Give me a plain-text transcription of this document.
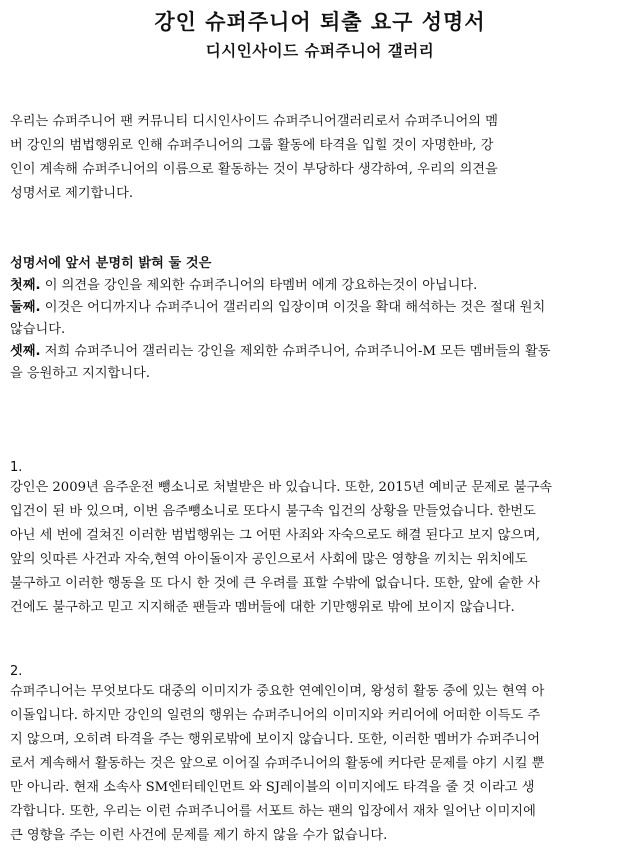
강인 슈퍼주니어 퇴출 요구 성명서
디시인사이드 슈퍼주니어 갤러리
우리는 슈퍼주니어 팬 커뮤니티 디시인사이드 슈퍼주니어갤러리로서 슈퍼주니어의 멤
버 강인의 범법행위로 인해 슈퍼주니어의 그룹 활동에 타격을 입힐 것이 자명한바, 강
인이 계속해 슈퍼주니어의 이름으로 활동하는 것이 부당하다 생각하여, 우리의 의견을
성명서로 제기합니다.
성명서에 앞서 분명히 밝혀 둘 것은
첫째. 이 의견을 강인을 제외한 슈퍼주니어의 타멤버 에게 강요하는것이 아닙니다.
둘째. 이것은 어디까지나 슈퍼주니어 갤러리의 입장이며 이것을 확대 해석하는 것은 절대 원치
않습니다.
셋째. 저희 슈퍼주니어 갤러리는 강인을 제외한 슈퍼주니어, 슈퍼주니어-M 모든 멤버들의 활동
을 응원하고 지지합니다.
1.
강인은 2009년 음주운전 뺑소니로 처벌받은 바 있습니다. 또한, 2015년 예비군 문제로 불구속
입건이 된 바 있으며, 이번 음주뺑소니로 또다시 불구속 입건의 상황을 만들었습니다. 한번도
아닌 세 번에 걸쳐진 이러한 범법행위는 그 어떤 사죄와 자숙으로도 해결 된다고 보지 않으며,
앞의 잇따른 사건과 자숙,현역 아이돌이자 공인으로서 사회에 많은 영향을 끼치는 위치에도
불구하고 이러한 행동을 또 다시 한 것에 큰 우려를 표할 수밖에 없습니다. 또한, 앞에 숱한 사
건에도 불구하고 믿고 지지해준 팬들과 멤버들에 대한 기만행위로 밖에 보이지 않습니다.
2.
슈퍼주니어는 무엇보다도 대중의 이미지가 중요한 연예인이며, 왕성히 활동 중에 있는 현역 아
이돌입니다. 하지만 강인의 일련의 행위는 슈퍼주니어의 이미지와 커리어에 어떠한 이득도 주
지 않으며, 오히려 타격을 주는 행위로밖에 보이지 않습니다. 또한, 이러한 멤버가 슈퍼주니어
로서 계속해서 활동하는 것은 앞으로 이어질 슈퍼주니어의 활동에 커다란 문제를 야기 시킬 뿐
만 아니라. 현재 소속사 SM엔터테인먼트 와 SJ레이블의 이미지에도 타격을 줄 것 이라고 생
각합니다. 또한, 우리는 이런 슈퍼주니어를 서포트 하는 팬의 입장에서 재차 일어난 이미지에
큰 영향을 주는 이런 사건에 문제를 제기 하지 않을 수가 없습니다.
